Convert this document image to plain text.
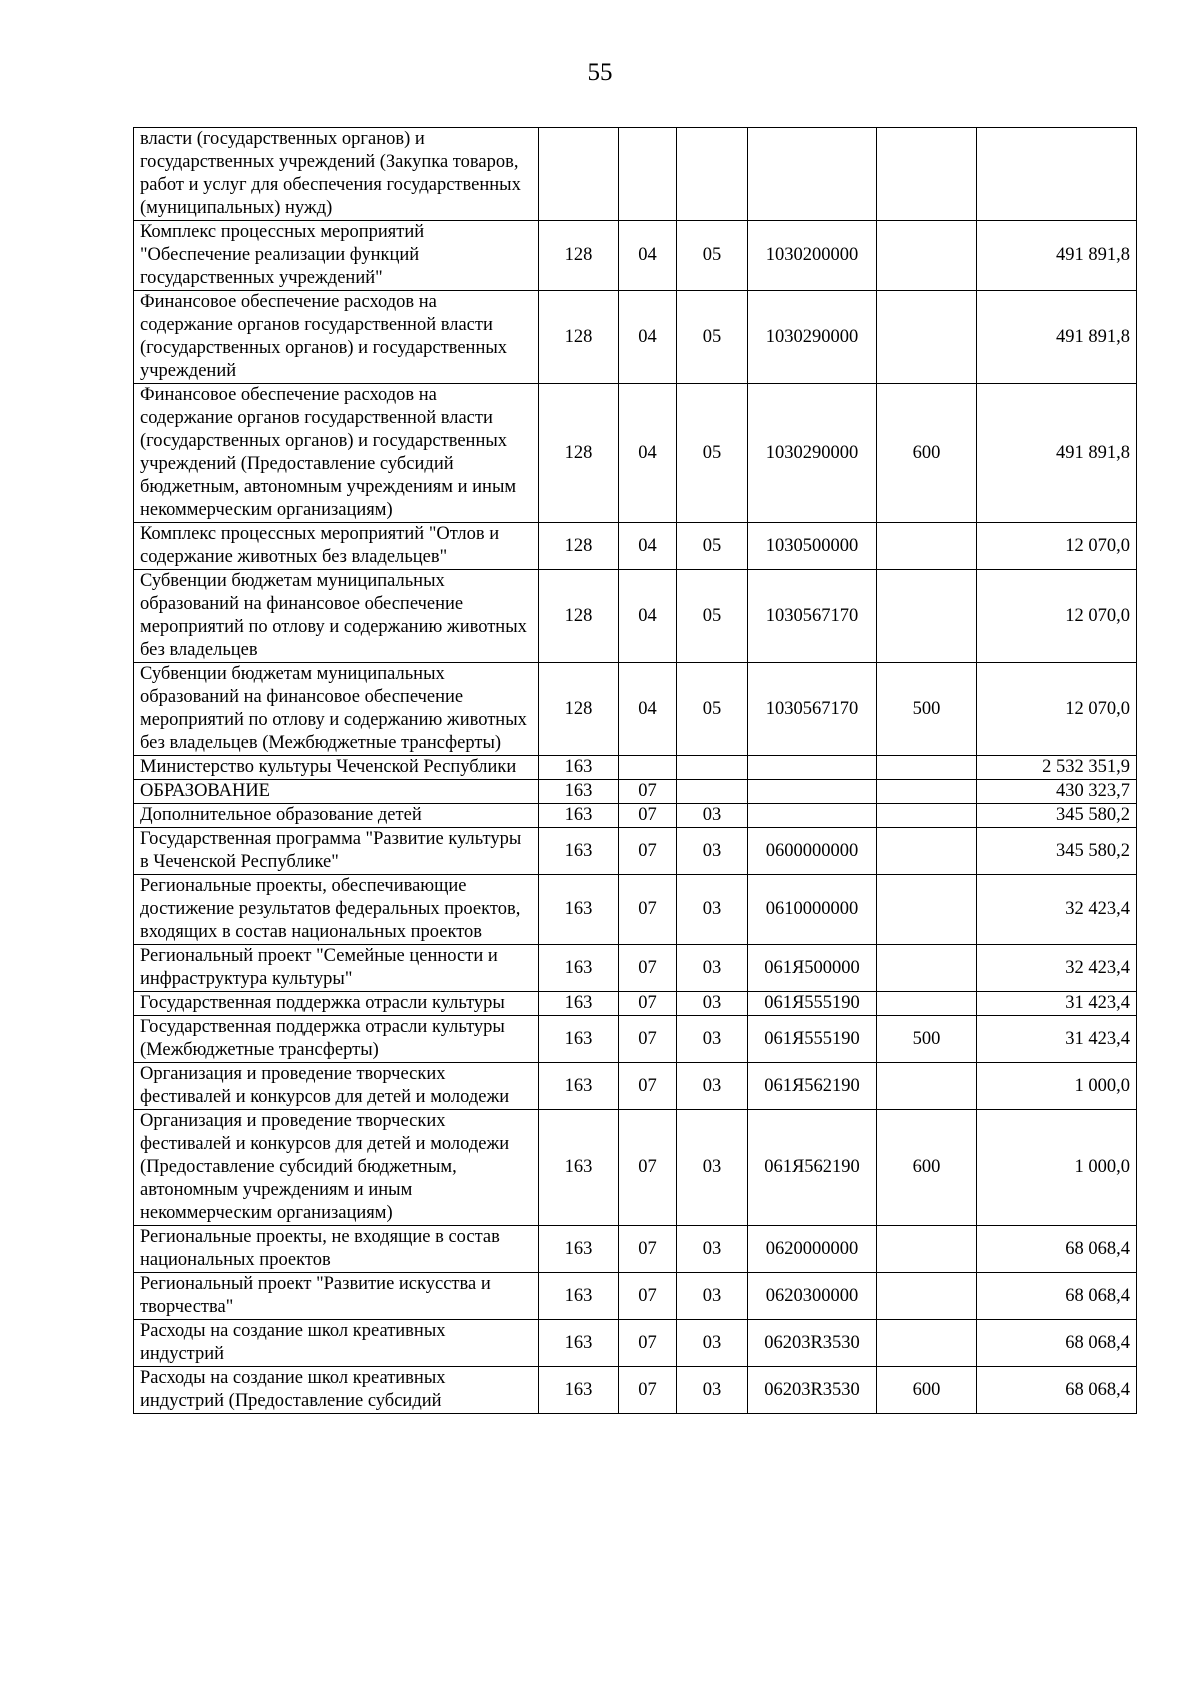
55
власти (государственных органов) и государственных учреждений (Закупка товаров, работ и услуг для обеспечения государственных (муниципальных) нужд)						
Комплекс процессных мероприятий "Обеспечение реализации функций государственных учреждений"	128	04	05	1030200000		491 891,8
Финансовое обеспечение расходов на содержание органов государственной власти (государственных органов) и государственных учреждений	128	04	05	1030290000		491 891,8
Финансовое обеспечение расходов на содержание органов государственной власти (государственных органов) и государственных учреждений (Предоставление субсидий бюджетным, автономным учреждениям и иным некоммерческим организациям)	128	04	05	1030290000	600	491 891,8
Комплекс процессных мероприятий "Отлов и содержание животных без владельцев"	128	04	05	1030500000		12 070,0
Субвенции бюджетам муниципальных образований на финансовое обеспечение мероприятий по отлову и содержанию животных без владельцев	128	04	05	1030567170		12 070,0
Субвенции бюджетам муниципальных образований на финансовое обеспечение мероприятий по отлову и содержанию животных без владельцев (Межбюджетные трансферты)	128	04	05	1030567170	500	12 070,0
Министерство культуры Чеченской Республики	163					2 532 351,9
ОБРАЗОВАНИЕ	163	07				430 323,7
Дополнительное образование детей	163	07	03			345 580,2
Государственная программа "Развитие культуры в Чеченской Республике"	163	07	03	0600000000		345 580,2
Региональные проекты, обеспечивающие достижение результатов федеральных проектов, входящих в состав национальных проектов	163	07	03	0610000000		32 423,4
Региональный проект "Семейные ценности и инфраструктура культуры"	163	07	03	061Я500000		32 423,4
Государственная поддержка отрасли культуры	163	07	03	061Я555190		31 423,4
Государственная поддержка отрасли культуры (Межбюджетные трансферты)	163	07	03	061Я555190	500	31 423,4
Организация и проведение творческих фестивалей и конкурсов для детей и молодежи	163	07	03	061Я562190		1 000,0
Организация и проведение творческих фестивалей и конкурсов для детей и молодежи (Предоставление субсидий бюджетным, автономным учреждениям и иным некоммерческим организациям)	163	07	03	061Я562190	600	1 000,0
Региональные проекты, не входящие в состав национальных проектов	163	07	03	0620000000		68 068,4
Региональный проект "Развитие искусства и творчества"	163	07	03	0620300000		68 068,4
Расходы на создание школ креативных индустрий	163	07	03	06203R3530		68 068,4
Расходы на создание школ креативных индустрий (Предоставление субсидий	163	07	03	06203R3530	600	68 068,4
